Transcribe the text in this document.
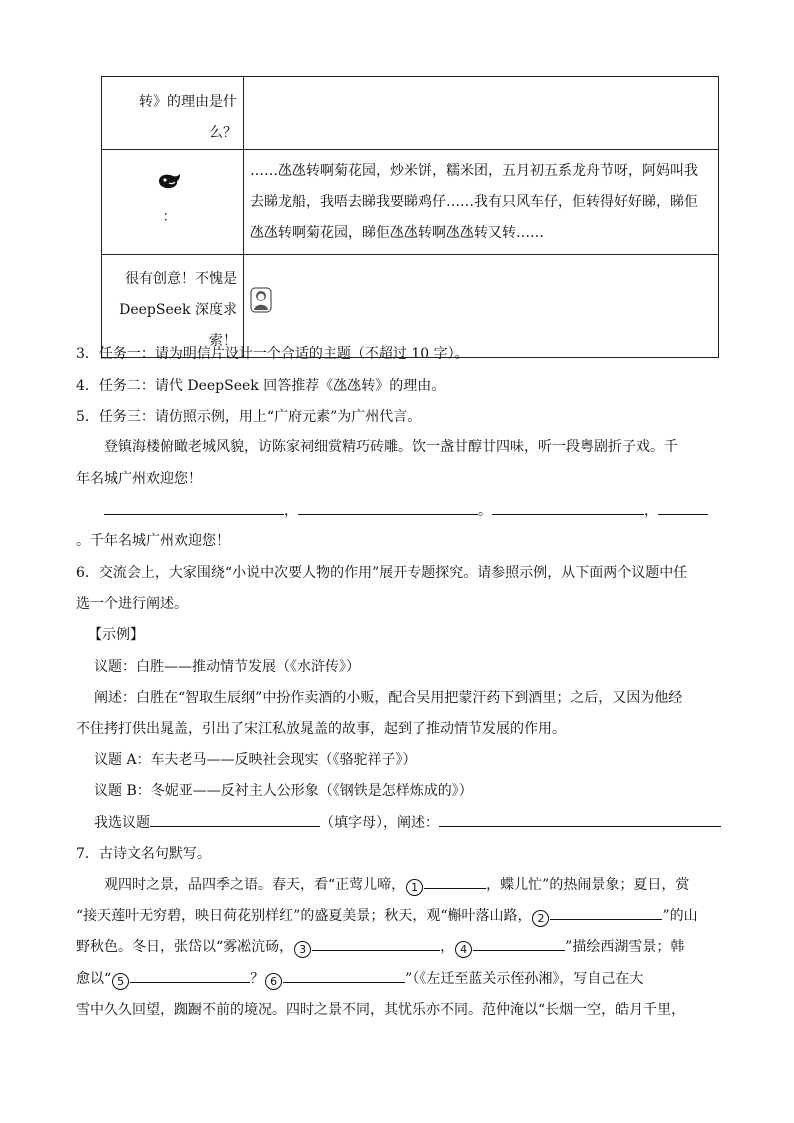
转》的理由是什
么？	

：	……氹氹转啊菊花园，炒米饼，糯米团，五月初五系龙舟节呀，阿妈叫我
去睇龙船，我唔去睇我要睇鸡仔……我有只风车仔，佢转得好好睇，睇佢
氹氹转啊菊花园，睇佢氹氹转啊氹氹转又转……

很有创意！不愧是
DeepSeek 深度求
索！

3．任务一：请为明信片设计一个合适的主题（不超过 10 字）。
4．任务二：请代 DeepSeek 回答推荐《氹氹转》的理由。
5．任务三：请仿照示例，用上“广府元素”为广州代言。
登镇海楼俯瞰老城风貌，访陈家祠细赏精巧砖雕。饮一盏甘醇廿四味，听一段粤剧折子戏。千
年名城广州欢迎您！
，	。	，
。千年名城广州欢迎您！
6．交流会上，大家围绕“小说中次要人物的作用”展开专题探究。请参照示例，从下面两个议题中任
选一个进行阐述。
【示例】
议题：白胜——推动情节发展（《水浒传》）
阐述：白胜在“智取生辰纲”中扮作卖酒的小贩，配合吴用把蒙汗药下到酒里；之后，又因为他经
不住拷打供出晁盖，引出了宋江私放晁盖的故事，起到了推动情节发展的作用。
议题 A：车夫老马——反映社会现实（《骆驼祥子》）
议题 B：冬妮亚——反衬主人公形象（《钢铁是怎样炼成的》）
我选议题	（填字母），阐述：
7．古诗文名句默写。
观四时之景，品四季之语。春天，看“正莺儿啼， 1	，蝶儿忙”的热闹景象；夏日，赏
“接天莲叶无穷碧，映日荷花别样红”的盛夏美景；秋天，观“槲叶落山路， 2	”的山
野秋色。冬日，张岱以“雾凇沆砀， 3	， 4	”描绘西湖雪景；韩
愈以“ 5	？ 6	”（《左迁至蓝关示侄孙湘》，写自己在大
雪中久久回望，踟蹰不前的境况。四时之景不同，其忧乐亦不同。范仲淹以“长烟一空，皓月千里，
